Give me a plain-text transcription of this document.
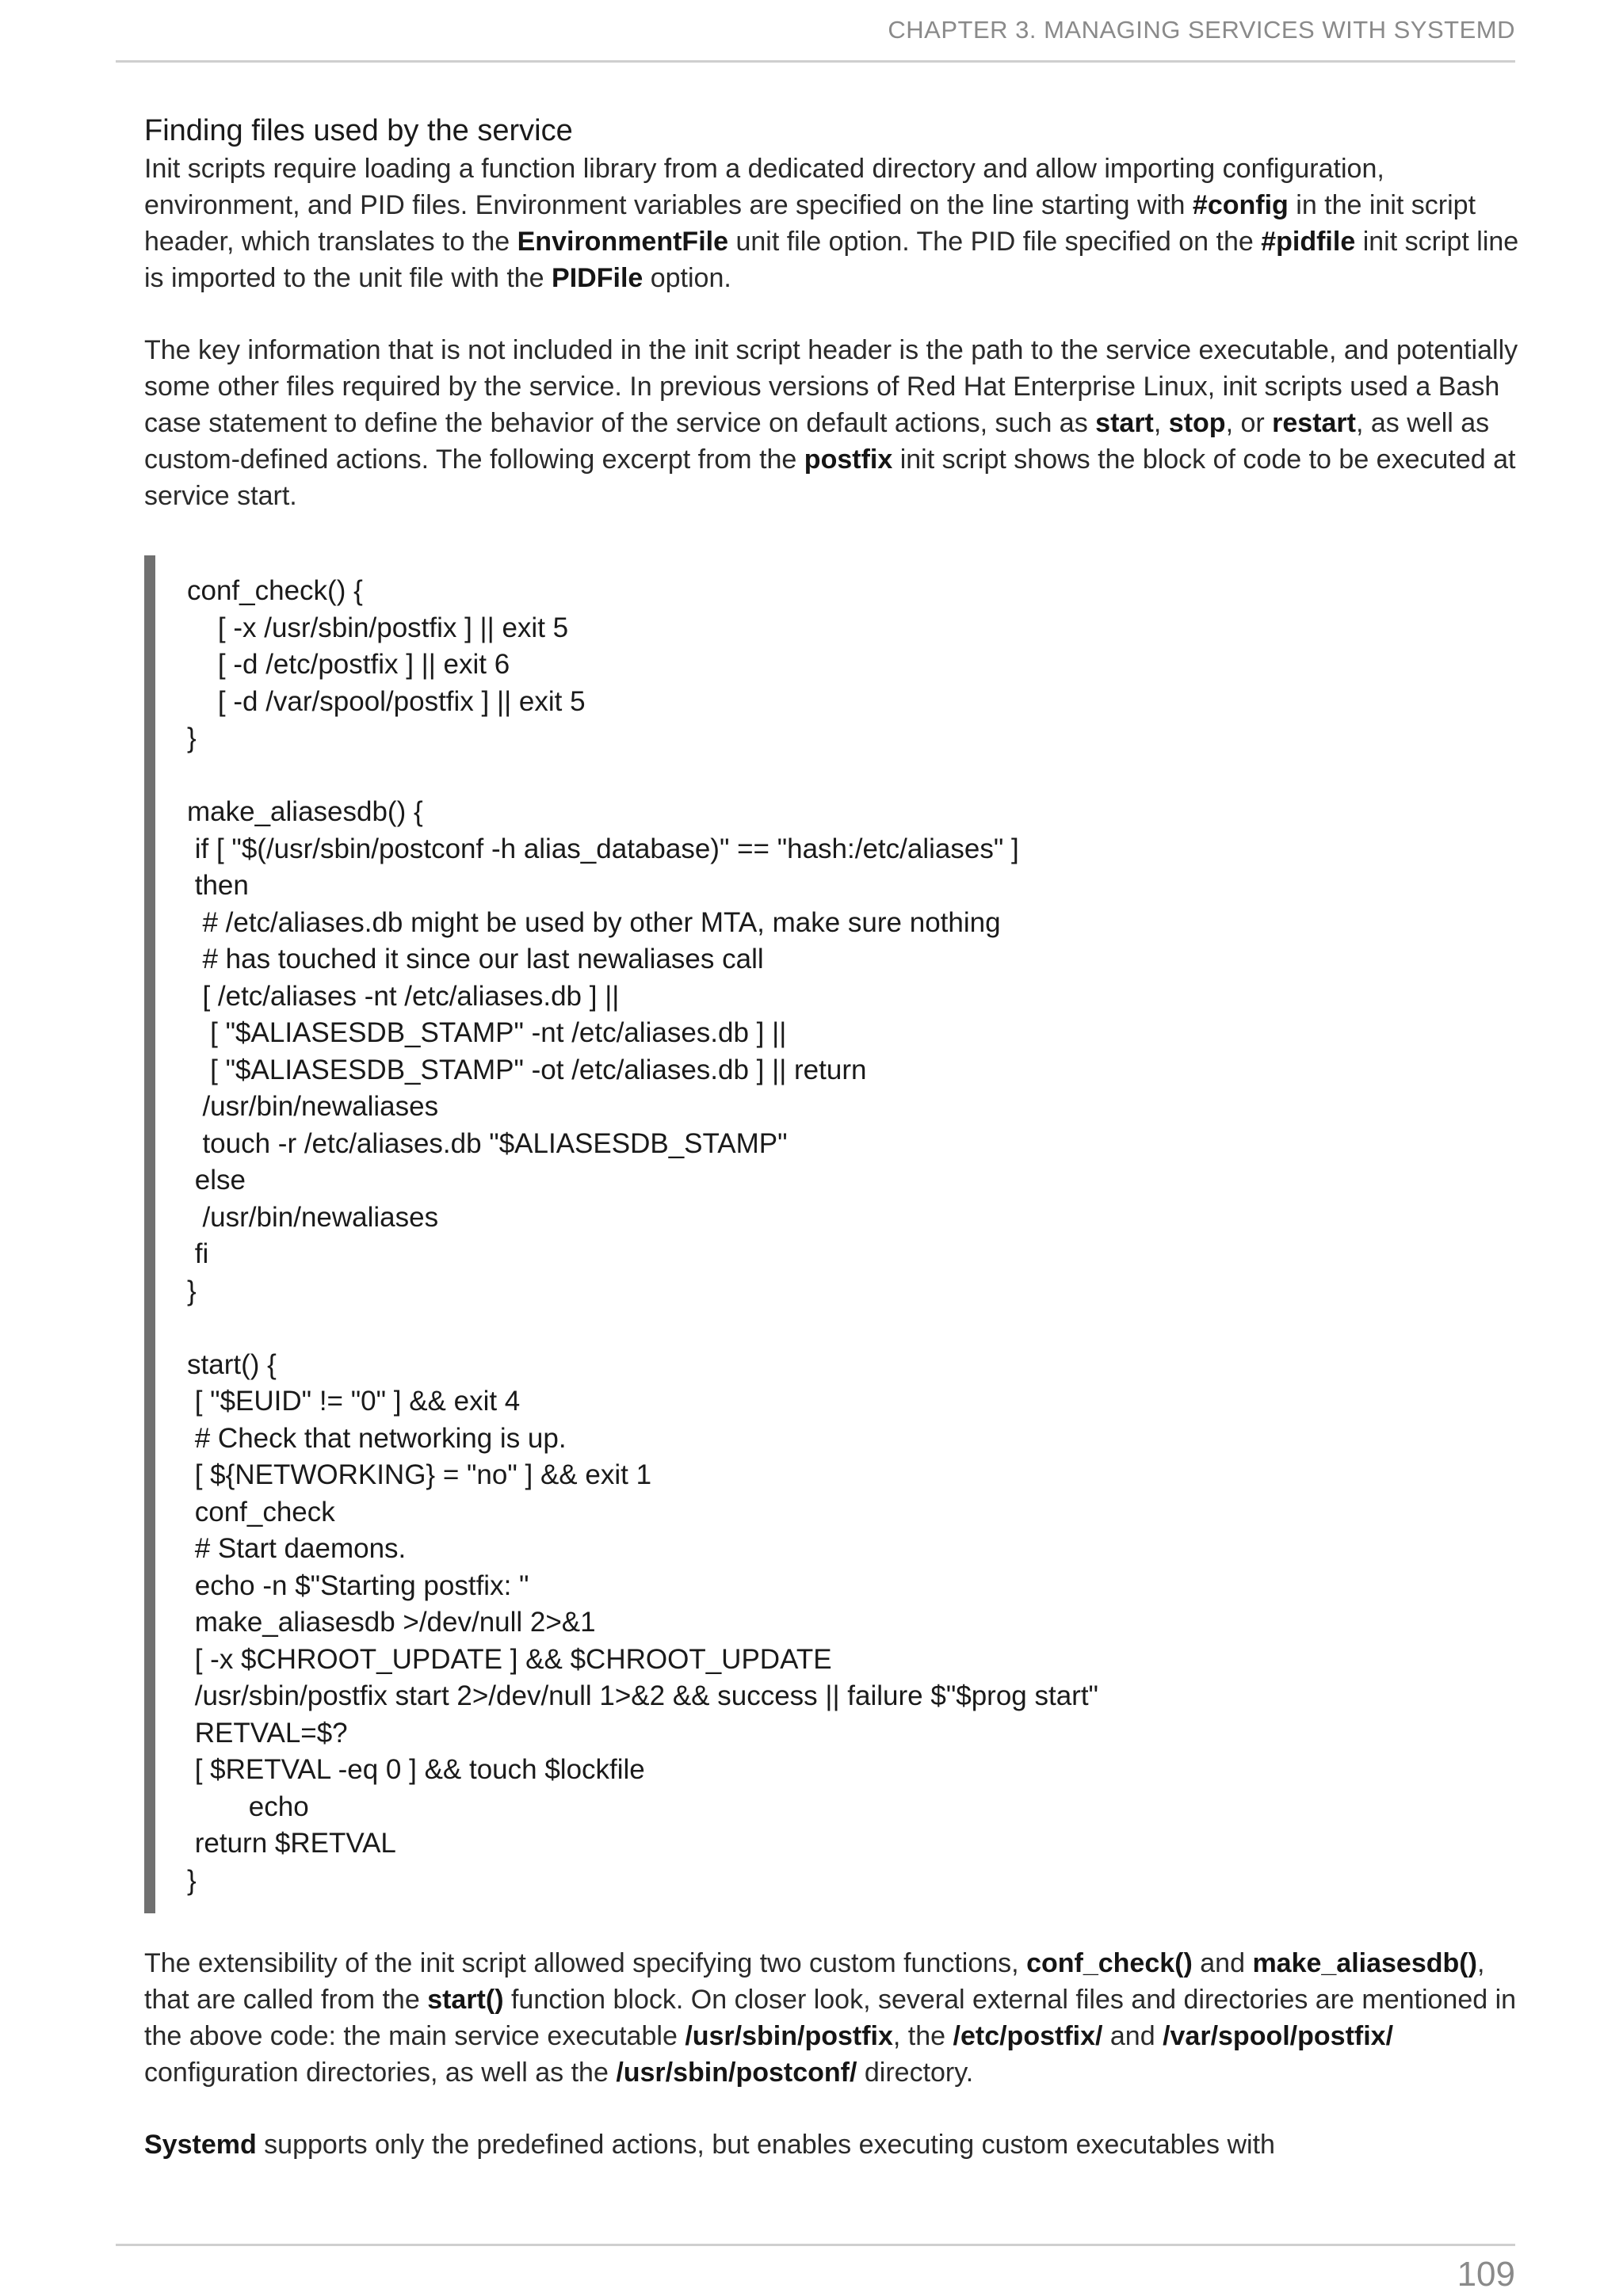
CHAPTER 3. MANAGING SERVICES WITH SYSTEMD
Finding files used by the service

Init scripts require loading a function library from a dedicated directory and allow importing configuration, environment, and PID files. Environment variables are specified on the line starting with #config in the init script header, which translates to the EnvironmentFile unit file option. The PID file specified on the #pidfile init script line is imported to the unit file with the PIDFile option.

The key information that is not included in the init script header is the path to the service executable, and potentially some other files required by the service. In previous versions of Red Hat Enterprise Linux, init scripts used a Bash case statement to define the behavior of the service on default actions, such as start, stop, or restart, as well as custom-defined actions. The following excerpt from the postfix init script shows the block of code to be executed at service start.

conf_check() {
[ -x /usr/sbin/postfix ] || exit 5
[ -d /etc/postfix ] || exit 6
[ -d /var/spool/postfix ] || exit 5
}

make_aliasesdb() {
if [ "$(/usr/sbin/postconf -h alias_database)" == "hash:/etc/aliases" ]
then
# /etc/aliases.db might be used by other MTA, make sure nothing
# has touched it since our last newaliases call
[ /etc/aliases -nt /etc/aliases.db ] ||
[ "$ALIASESDB_STAMP" -nt /etc/aliases.db ] ||
[ "$ALIASESDB_STAMP" -ot /etc/aliases.db ] || return
/usr/bin/newaliases
touch -r /etc/aliases.db "$ALIASESDB_STAMP"
else
/usr/bin/newaliases
fi
}

start() {
[ "$EUID" != "0" ] && exit 4
# Check that networking is up.
[ ${NETWORKING} = "no" ] && exit 1
conf_check
# Start daemons.
echo -n $"Starting postfix: "
make_aliasesdb >/dev/null 2>&1
[ -x $CHROOT_UPDATE ] && $CHROOT_UPDATE
/usr/sbin/postfix start 2>/dev/null 1>&2 && success || failure $"$prog start"
RETVAL=$?
[ $RETVAL -eq 0 ] && touch $lockfile
echo
return $RETVAL
}

The extensibility of the init script allowed specifying two custom functions, conf_check() and make_aliasesdb(), that are called from the start() function block. On closer look, several external files and directories are mentioned in the above code: the main service executable /usr/sbin/postfix, the /etc/postfix/ and /var/spool/postfix/ configuration directories, as well as the /usr/sbin/postconf/ directory.

Systemd supports only the predefined actions, but enables executing custom executables with

109
